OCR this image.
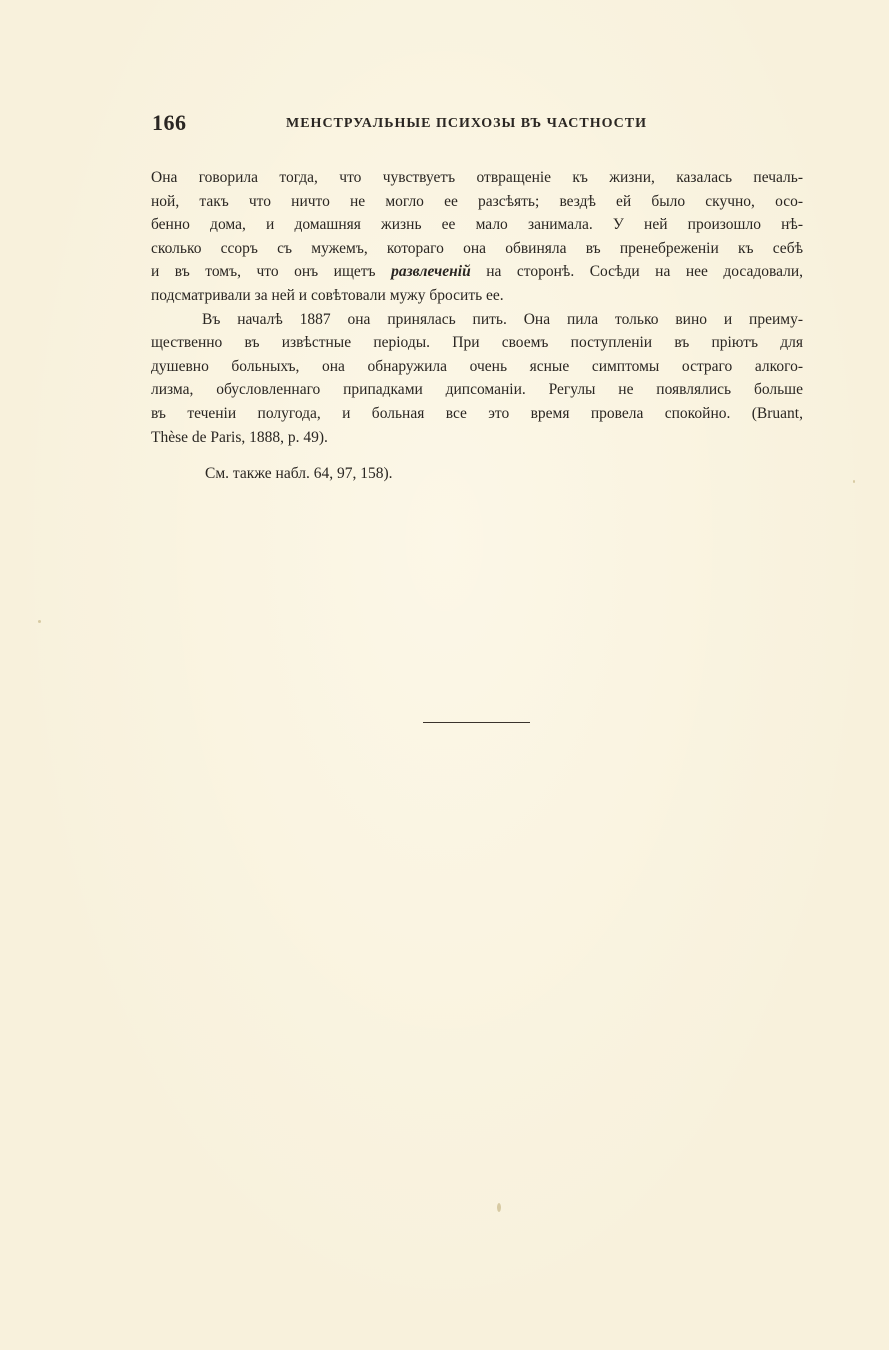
166	МЕНСТРУАЛЬНЫЕ ПСИХОЗЫ ВЪ ЧАСТНОСТИ
Она говорила тогда, что чувствуетъ отвращеніе къ жизни, казалась печаль-
ной, такъ что ничто не могло ее разсѣять; вездѣ ей было скучно, осо-
бенно дома, и домашняя жизнь ее мало занимала. У ней произошло нѣ-
сколько ссоръ съ мужемъ, котораго она обвиняла въ пренебреженіи къ себѣ
и въ томъ, что онъ ищетъ развлеченій на сторонѣ. Сосѣди на нее досадовали,
подсматривали за ней и совѣтовали мужу бросить ее.
Въ началѣ 1887 она принялась пить. Она пила только вино и преиму-
щественно въ извѣстные періоды. При своемъ поступленіи въ пріютъ для
душевно больныхъ, она обнаружила очень ясные симптомы остраго алкого-
лизма, обусловленнаго припадками дипсоманіи. Регулы не появлялись больше
въ теченіи полугода, и больная все это время провела спокойно. (Bruant,
Thèse de Paris, 1888, p. 49).
См. также набл. 64, 97, 158).
